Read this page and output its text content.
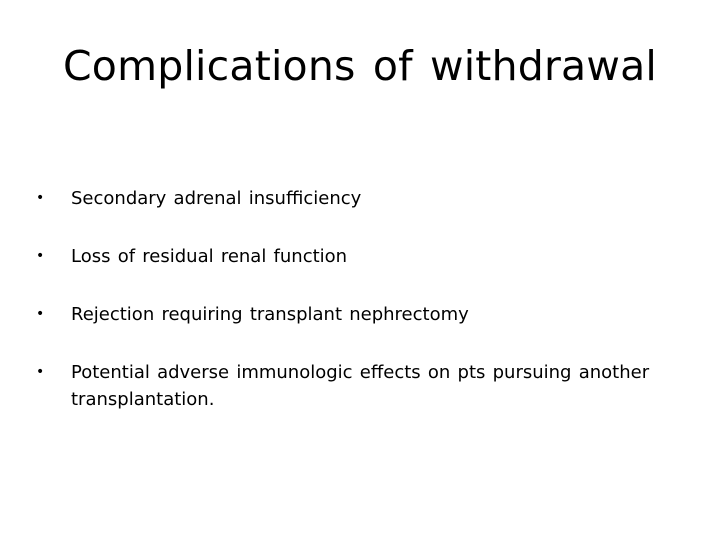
Complications of withdrawal
•	Secondary adrenal insufficiency
•	Loss of residual renal function
•	Rejection requiring transplant nephrectomy
•	Potential adverse immunologic effects on pts pursuing another transplantation.
